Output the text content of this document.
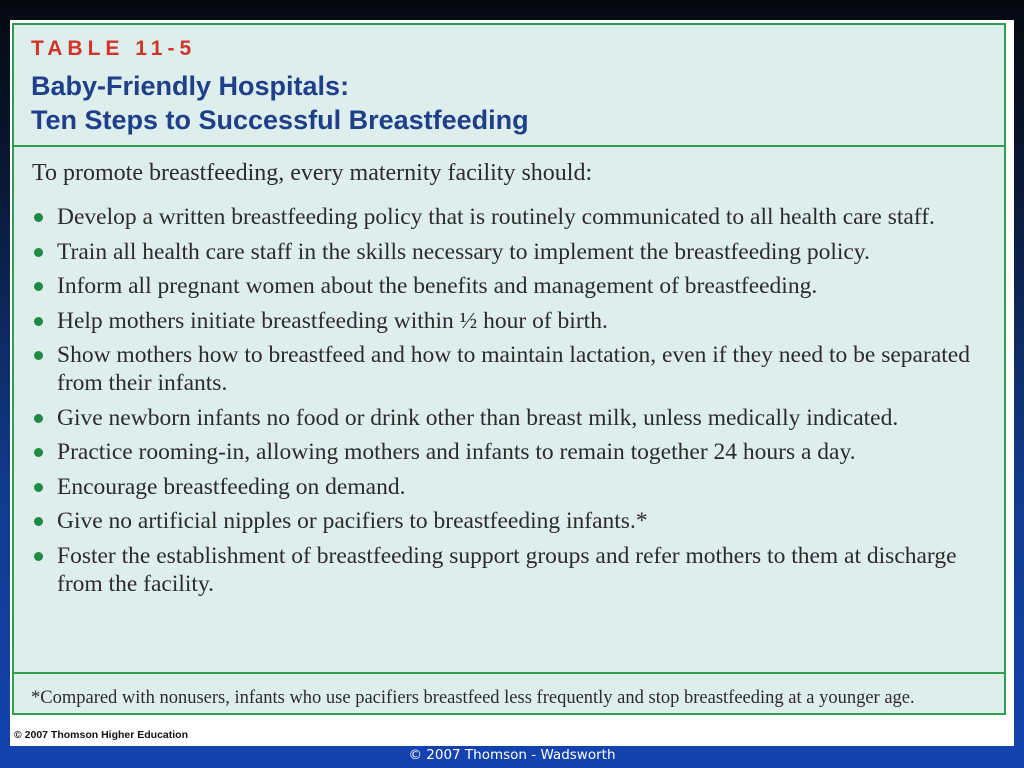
TABLE 11-5
Baby-Friendly Hospitals:
Ten Steps to Successful Breastfeeding
To promote breastfeeding, every maternity facility should:
Develop a written breastfeeding policy that is routinely communicated to all health care staff.
Train all health care staff in the skills necessary to implement the breastfeeding policy.
Inform all pregnant women about the benefits and management of breastfeeding.
Help mothers initiate breastfeeding within ½ hour of birth.
Show mothers how to breastfeed and how to maintain lactation, even if they need to be separated from their infants.
Give newborn infants no food or drink other than breast milk, unless medically indicated.
Practice rooming-in, allowing mothers and infants to remain together 24 hours a day.
Encourage breastfeeding on demand.
Give no artificial nipples or pacifiers to breastfeeding infants.*
Foster the establishment of breastfeeding support groups and refer mothers to them at discharge from the facility.
*Compared with nonusers, infants who use pacifiers breastfeed less frequently and stop breastfeeding at a younger age.
© 2007 Thomson Higher Education
© 2007 Thomson - Wadsworth
